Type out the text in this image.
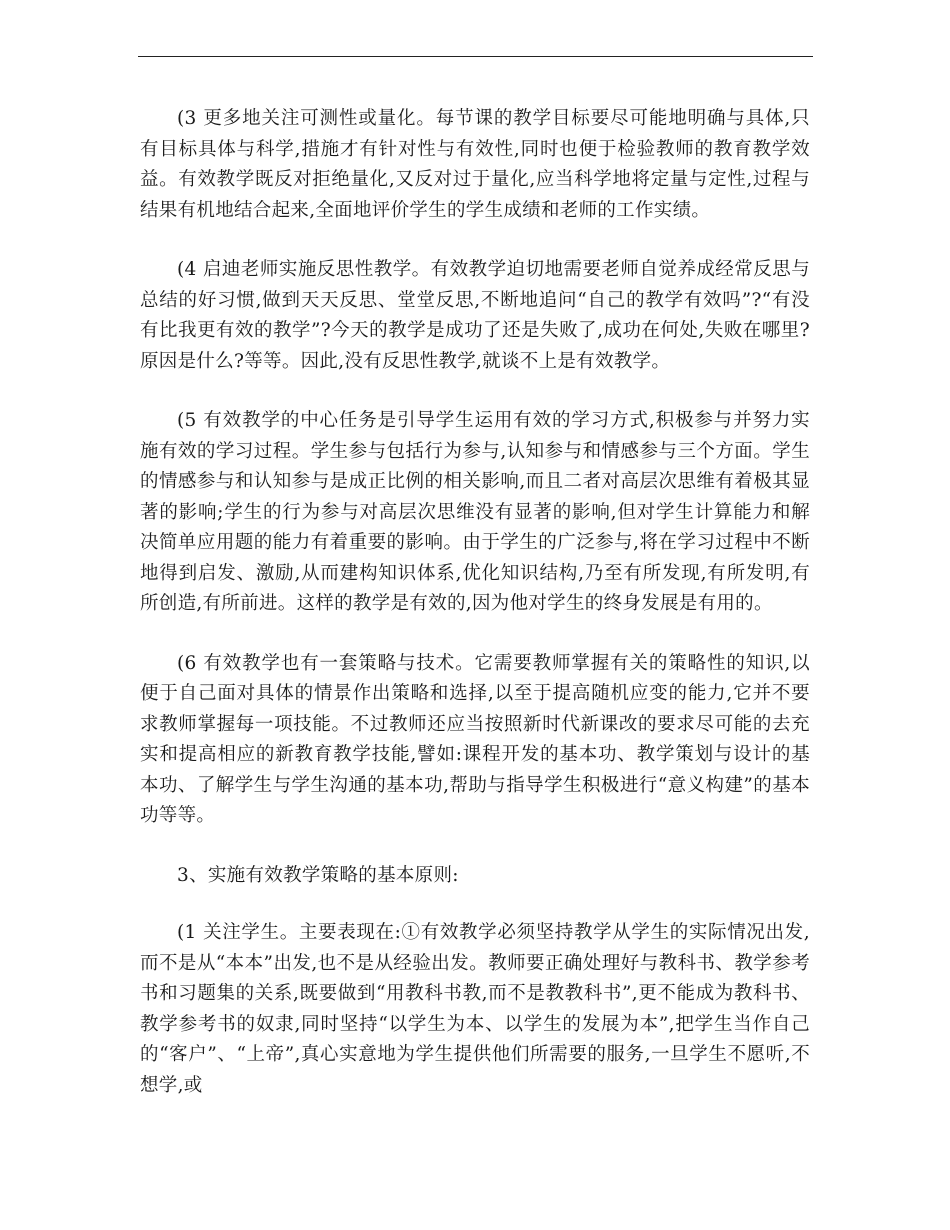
(3 更多地关注可测性或量化。每节课的教学目标要尽可能地明确与具体,只有目标具体与科学,措施才有针对性与有效性,同时也便于检验教师的教育教学效益。有效教学既反对拒绝量化,又反对过于量化,应当科学地将定量与定性,过程与结果有机地结合起来,全面地评价学生的学生成绩和老师的工作实绩。

(4 启迪老师实施反思性教学。有效教学迫切地需要老师自觉养成经常反思与总结的好习惯,做到天天反思、堂堂反思,不断地追问“自己的教学有效吗”?“有没有比我更有效的教学”?今天的教学是成功了还是失败了,成功在何处,失败在哪里?原因是什么?等等。因此,没有反思性教学,就谈不上是有效教学。

(5 有效教学的中心任务是引导学生运用有效的学习方式,积极参与并努力实施有效的学习过程。学生参与包括行为参与,认知参与和情感参与三个方面。学生的情感参与和认知参与是成正比例的相关影响,而且二者对高层次思维有着极其显著的影响;学生的行为参与对高层次思维没有显著的影响,但对学生计算能力和解决简单应用题的能力有着重要的影响。由于学生的广泛参与,将在学习过程中不断地得到启发、激励,从而建构知识体系,优化知识结构,乃至有所发现,有所发明,有所创造,有所前进。这样的教学是有效的,因为他对学生的终身发展是有用的。

(6 有效教学也有一套策略与技术。它需要教师掌握有关的策略性的知识,以便于自己面对具体的情景作出策略和选择,以至于提高随机应变的能力,它并不要求教师掌握每一项技能。不过教师还应当按照新时代新课改的要求尽可能的去充实和提高相应的新教育教学技能,譬如:课程开发的基本功、教学策划与设计的基本功、了解学生与学生沟通的基本功,帮助与指导学生积极进行“意义构建”的基本功等等。

3、实施有效教学策略的基本原则:

(1 关注学生。主要表现在:①有效教学必须坚持教学从学生的实际情况出发,而不是从“本本”出发,也不是从经验出发。教师要正确处理好与教科书、教学参考书和习题集的关系,既要做到“用教科书教,而不是教教科书”,更不能成为教科书、教学参考书的奴隶,同时坚持“以学生为本、以学生的发展为本”,把学生当作自己的“客户”、“上帝”,真心实意地为学生提供他们所需要的服务,一旦学生不愿听,不想学,或
